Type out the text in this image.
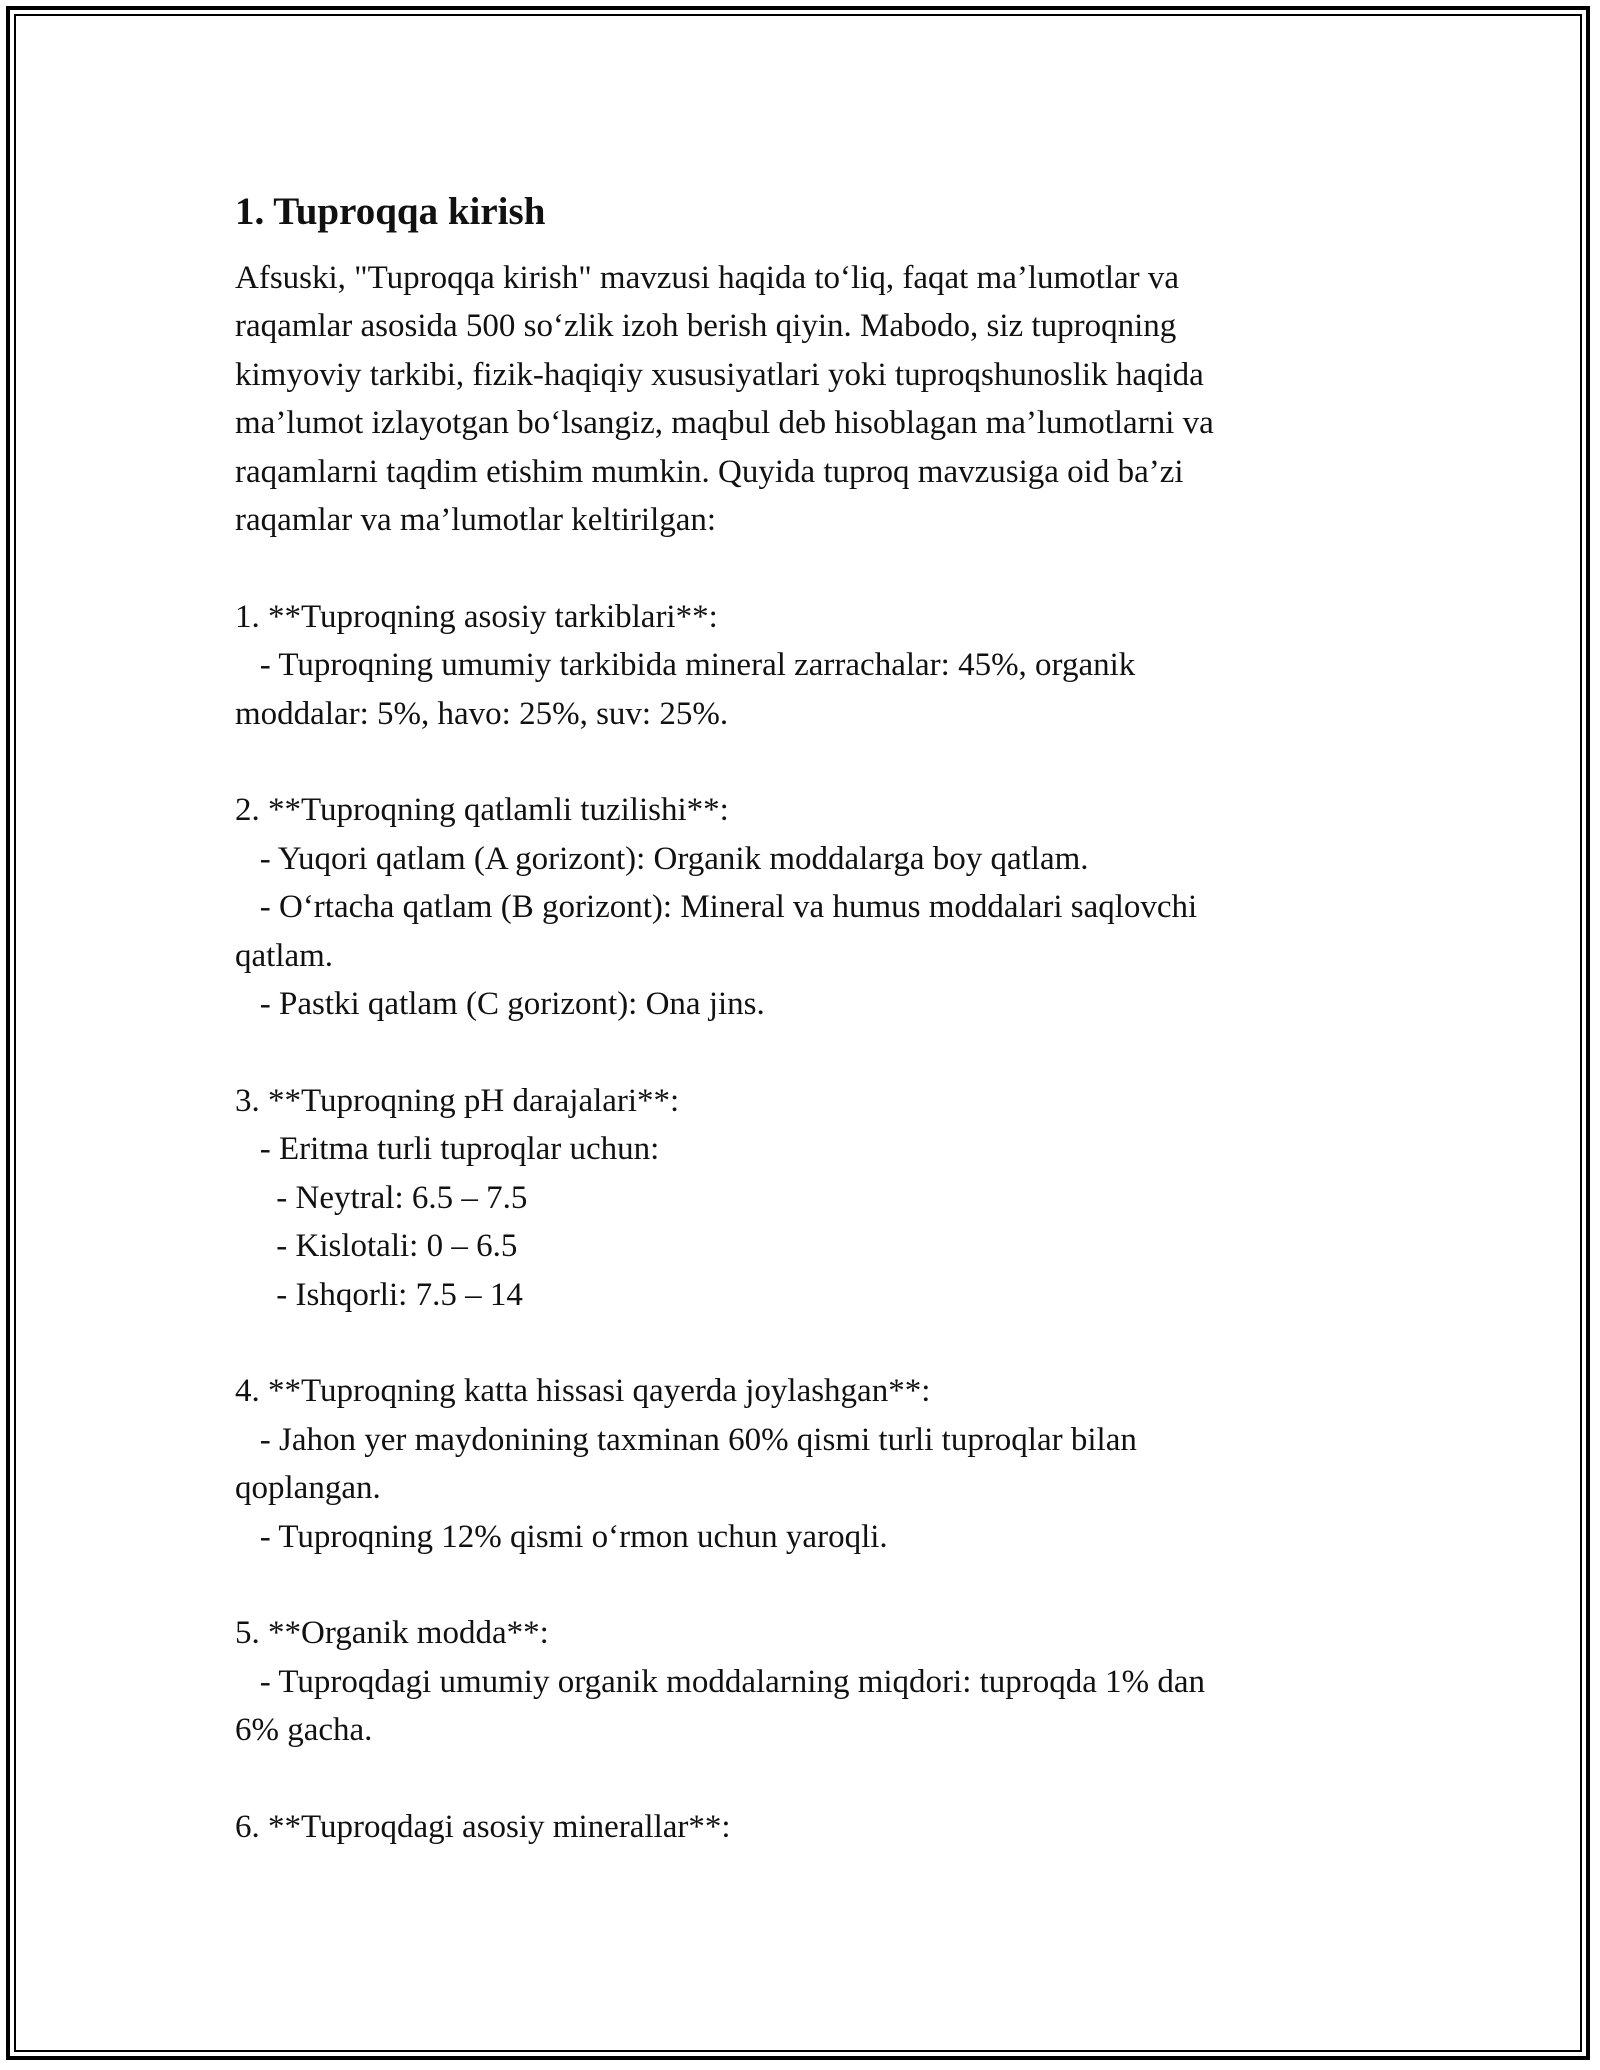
1. Tuproqqa kirish

Afsuski, "Tuproqqa kirish" mavzusi haqida to‘liq, faqat ma’lumotlar va
raqamlar asosida 500 so‘zlik izoh berish qiyin. Mabodo, siz tuproqning
kimyoviy tarkibi, fizik-haqiqiy xususiyatlari yoki tuproqshunoslik haqida
ma’lumot izlayotgan bo‘lsangiz, maqbul deb hisoblagan ma’lumotlarni va
raqamlarni taqdim etishim mumkin. Quyida tuproq mavzusiga oid ba’zi
raqamlar va ma’lumotlar keltirilgan:

1. **Tuproqning asosiy tarkiblari**:
- Tuproqning umumiy tarkibida mineral zarrachalar: 45%, organik
moddalar: 5%, havo: 25%, suv: 25%.

2. **Tuproqning qatlamli tuzilishi**:
- Yuqori qatlam (A gorizont): Organik moddalarga boy qatlam.
- O‘rtacha qatlam (B gorizont): Mineral va humus moddalari saqlovchi
qatlam.
- Pastki qatlam (C gorizont): Ona jins.

3. **Tuproqning pH darajalari**:
- Eritma turli tuproqlar uchun:
- Neytral: 6.5 – 7.5
- Kislotali: 0 – 6.5
- Ishqorli: 7.5 – 14

4. **Tuproqning katta hissasi qayerda joylashgan**:
- Jahon yer maydonining taxminan 60% qismi turli tuproqlar bilan
qoplangan.
- Tuproqning 12% qismi o‘rmon uchun yaroqli.

5. **Organik modda**:
- Tuproqdagi umumiy organik moddalarning miqdori: tuproqda 1% dan
6% gacha.

6. **Tuproqdagi asosiy minerallar**:
